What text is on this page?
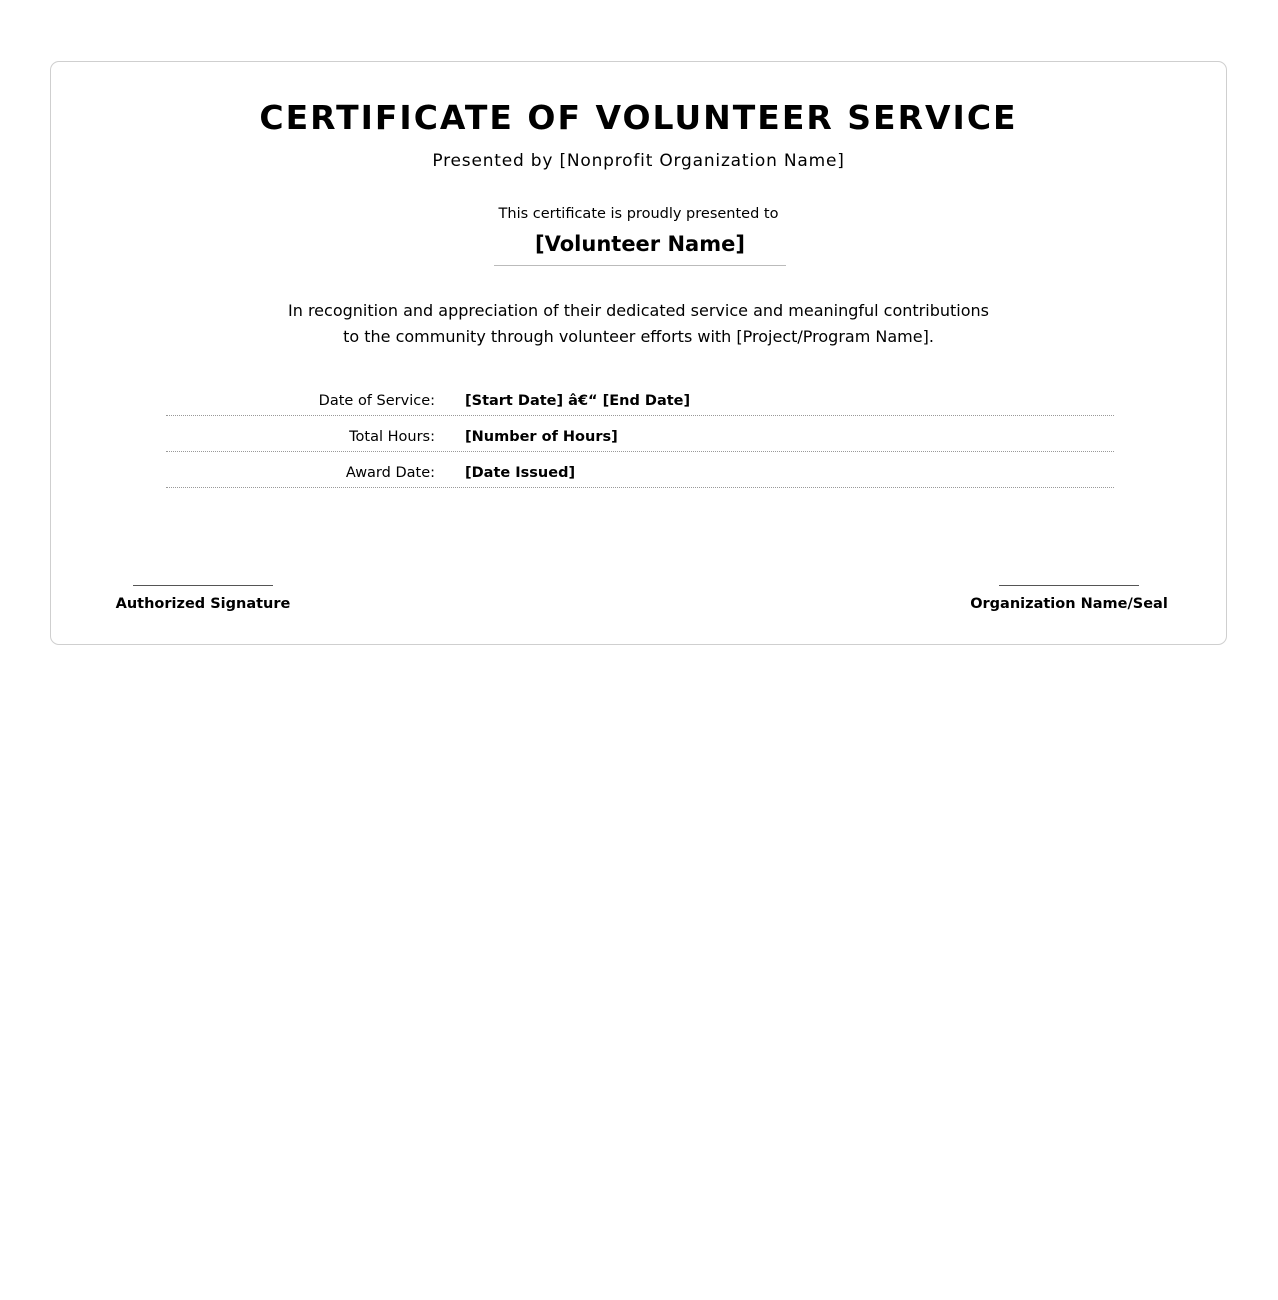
CERTIFICATE OF VOLUNTEER SERVICE
Presented by [Nonprofit Organization Name]
This certificate is proudly presented to
[Volunteer Name]
In recognition and appreciation of their dedicated service and meaningful contributions
to the community through volunteer efforts with [Project/Program Name].
Date of Service: [Start Date] â€“ [End Date]
Total Hours: [Number of Hours]
Award Date: [Date Issued]
Authorized Signature	Organization Name/Seal
